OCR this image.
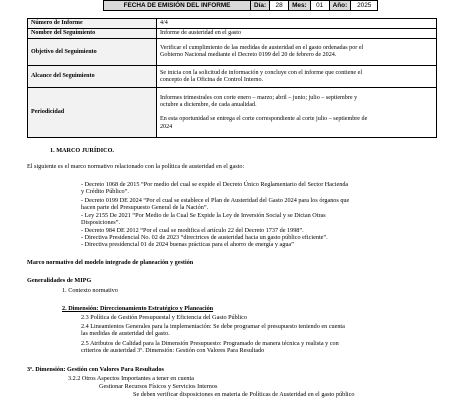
FECHA DE EMISIÓN DEL INFORME	Día:	28	Mes:	01	Año:	2025
Número de Informe	4/4

Nombre del Seguimiento	Informe de austeridad en el gasto

Objetivo del Seguimiento	Verificar el cumplimiento de las medidas de austeridad en el gasto ordenadas por el
Gobierno Nacional mediante el Decreto 0199 del 20 de febrero de 2024.

Alcance del Seguimiento	Se inicia con la solicitud de información y concluye con el informe que contiene el
concepto de la Oficina de Control Interno.

Periodicidad	Informes trimestrales con corte enero – marzo; abril – junio; julio – septiembre y
octubre a diciembre, de cada anualidad.
En esta oportunidad se entrega el corte correspondiente al corte julio – septiembre de
2024
1. MARCO JURÍDICO.
El siguiente es el marco normativo relacionado con la política de austeridad en el gasto:
- Decreto 1068 de 2015 “Por medio del cual se expide el Decreto Único Reglamentario del Sector Hacienda
y Crédito Público”.
- Decreto 0199 DE 2024 “Por el cual se establece el Plan de Austeridad del Gasto 2024 para los órganos que
hacen parte del Presupuesto General de la Nación”.
- Ley 2155 De 2021 “Por Medio de la Cual Se Expide la Ley de Inversión Social y se Dictan Otras
Disposiciones”.
- Decreto 984 DE 2012 “Por el cual se modifica el artículo 22 del Decreto 1737 de 1998”.
- Directiva Presidencial No. 02 de 2023 “directrices de austeridad hacia un gasto público eficiente”.
- Directiva presidencial 01 de 2024 buenas prácticas para el ahorro de energía y agua”
Marco normativo del modelo integrado de planeación y gestión
Generalidades de MIPG
1. Contexto normativo
2. Dimensión: Direccionamiento Estratégico y Planeación
2.3 Política de Gestión Presupuestal y Eficiencia del Gasto Público
2.4 Lineamientos Generales para la implementación: Se debe programar el presupuesto teniendo en cuenta
las medidas de austeridad del gasto.
2.5 Atributos de Calidad para la Dimensión Presupuesto: Programado de manera técnica y realista y con
criterios de austeridad 3º. Dimensión: Gestión con Valores Para Resultado
3º. Dimensión: Gestión con Valores Para Resultados
3.2.2 Otros Aspectos Importantes a tener en cuenta
Gestionar Recursos Físicos y Servicios Internos
Se deben verificar disposiciones en materia de Políticas de Austeridad en el gasto público
